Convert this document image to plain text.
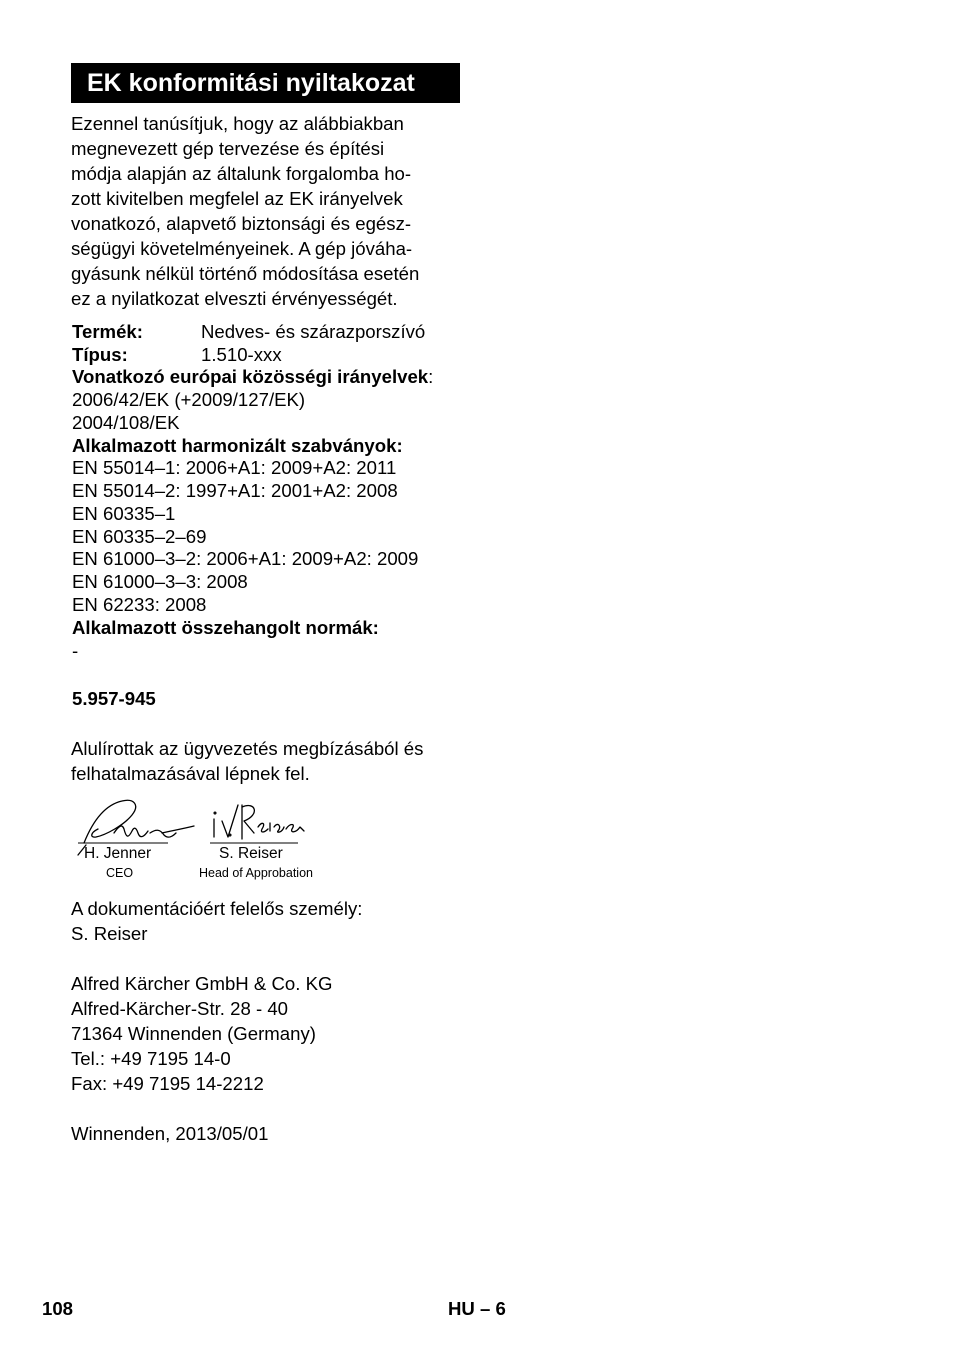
EK konformitási nyiltakozat
Ezennel tanúsítjuk, hogy az alábbiakban
megnevezett gép tervezése és építési
módja alapján az általunk forgalomba ho-
zott kivitelben megfelel az EK irányelvek
vonatkozó, alapvető biztonsági és egész-
ségügyi követelményeinek. A gép jóváha-
gyásunk nélkül történő módosítása esetén
ez a nyilatkozat elveszti érvényességét.
Termék:	Nedves- és szárazporszívó
Típus:	1.510-xxx
Vonatkozó európai közösségi irányelvek:
2006/42/EK (+2009/127/EK)
2004/108/EK
Alkalmazott harmonizált szabványok:
EN 55014–1: 2006+A1: 2009+A2: 2011
EN 55014–2: 1997+A1: 2001+A2: 2008
EN 60335–1
EN 60335–2–69
EN 61000–3–2: 2006+A1: 2009+A2: 2009
EN 61000–3–3: 2008
EN 62233: 2008
Alkalmazott összehangolt normák:
-
5.957-945
Alulírottak az ügyvezetés megbízásából és
felhatalmazásával lépnek fel.
H. Jenner
CEO
S. Reiser
Head of Approbation
A dokumentációért felelős személy:
S. Reiser
Alfred Kärcher GmbH & Co. KG
Alfred-Kärcher-Str. 28 - 40
71364 Winnenden (Germany)
Tel.: +49 7195 14-0
Fax: +49 7195 14-2212
Winnenden, 2013/05/01
108	HU – 6
